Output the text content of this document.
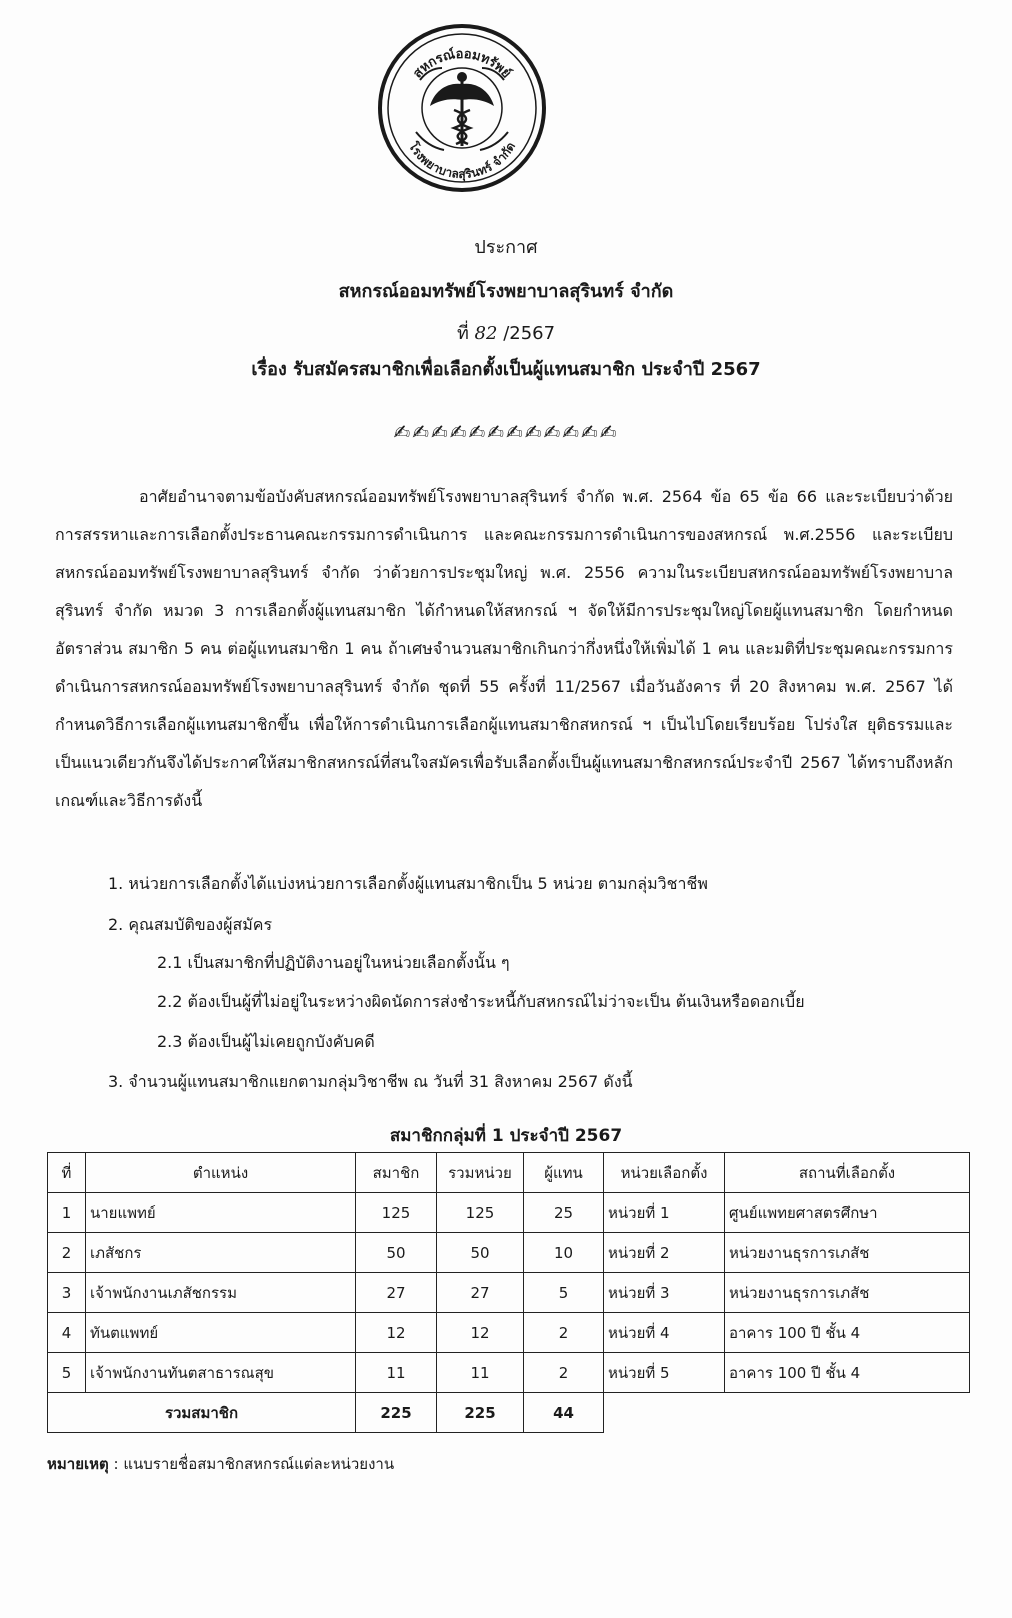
สหกรณ์ออมทรัพย์
โรงพยาบาลสุรินทร์ จำกัด
ประกาศ
สหกรณ์ออมทรัพย์โรงพยาบาลสุรินทร์ จำกัด
ที่ 82 /2567
เรื่อง รับสมัครสมาชิกเพื่อเลือกตั้งเป็นผู้แทนสมาชิก ประจำปี 2567
✍✍✍✍✍✍✍✍✍✍✍✍

อาศัยอำนาจตามข้อบังคับสหกรณ์ออมทรัพย์โรงพยาบาลสุรินทร์ จำกัด พ.ศ. 2564 ข้อ 65 ข้อ 66 และระเบียบว่าด้วยการสรรหาและการเลือกตั้งประธานคณะกรรมการดำเนินการ และคณะกรรมการดำเนินการของสหกรณ์ พ.ศ.2556 และระเบียบสหกรณ์ออมทรัพย์โรงพยาบาลสุรินทร์ จำกัด ว่าด้วยการประชุมใหญ่ พ.ศ. 2556 ความในระเบียบสหกรณ์ออมทรัพย์โรงพยาบาลสุรินทร์ จำกัด หมวด 3 การเลือกตั้งผู้แทนสมาชิก ได้กำหนดให้สหกรณ์ ฯ จัดให้มีการประชุมใหญ่โดยผู้แทนสมาชิก โดยกำหนดอัตราส่วน สมาชิก 5 คน ต่อผู้แทนสมาชิก 1 คน ถ้าเศษจำนวนสมาชิกเกินกว่ากึ่งหนึ่งให้เพิ่มได้ 1 คน และมติที่ประชุมคณะกรรมการดำเนินการสหกรณ์ออมทรัพย์โรงพยาบาลสุรินทร์ จำกัด ชุดที่ 55 ครั้งที่ 11/2567 เมื่อวันอังคาร ที่ 20 สิงหาคม พ.ศ. 2567 ได้กำหนดวิธีการเลือกผู้แทนสมาชิกขึ้น เพื่อให้การดำเนินการเลือกผู้แทนสมาชิกสหกรณ์ ฯ เป็นไปโดยเรียบร้อย โปร่งใส ยุติธรรมและเป็นแนวเดียวกันจึงได้ประกาศให้สมาชิกสหกรณ์ที่สนใจสมัครเพื่อรับเลือกตั้งเป็นผู้แทนสมาชิกสหกรณ์ประจำปี 2567 ได้ทราบถึงหลักเกณฑ์และวิธีการดังนี้

1. หน่วยการเลือกตั้งได้แบ่งหน่วยการเลือกตั้งผู้แทนสมาชิกเป็น 5 หน่วย ตามกลุ่มวิชาชีพ
2. คุณสมบัติของผู้สมัคร
2.1 เป็นสมาชิกที่ปฏิบัติงานอยู่ในหน่วยเลือกตั้งนั้น ๆ
2.2 ต้องเป็นผู้ที่ไม่อยู่ในระหว่างผิดนัดการส่งชำระหนี้กับสหกรณ์ไม่ว่าจะเป็น ต้นเงินหรือดอกเบี้ย
2.3 ต้องเป็นผู้ไม่เคยถูกบังคับคดี
3. จำนวนผู้แทนสมาชิกแยกตามกลุ่มวิชาชีพ ณ วันที่ 31 สิงหาคม 2567 ดังนี้
สมาชิกกลุ่มที่ 1 ประจำปี 2567
ที่	ตำแหน่ง	สมาชิก	รวมหน่วย	ผู้แทน	หน่วยเลือกตั้ง	สถานที่เลือกตั้ง
1	นายแพทย์	125	125	25	หน่วยที่ 1	ศูนย์แพทยศาสตรศึกษา
2	เภสัชกร	50	50	10	หน่วยที่ 2	หน่วยงานธุรการเภสัช
3	เจ้าพนักงานเภสัชกรรม	27	27	5	หน่วยที่ 3	หน่วยงานธุรการเภสัช
4	ทันตแพทย์	12	12	2	หน่วยที่ 4	อาคาร 100 ปี ชั้น 4
5	เจ้าพนักงานทันตสาธารณสุข	11	11	2	หน่วยที่ 5	อาคาร 100 ปี ชั้น 4
รวมสมาชิก		225	225	44		
หมายเหตุ : แนบรายชื่อสมาชิกสหกรณ์แต่ละหน่วยงาน
